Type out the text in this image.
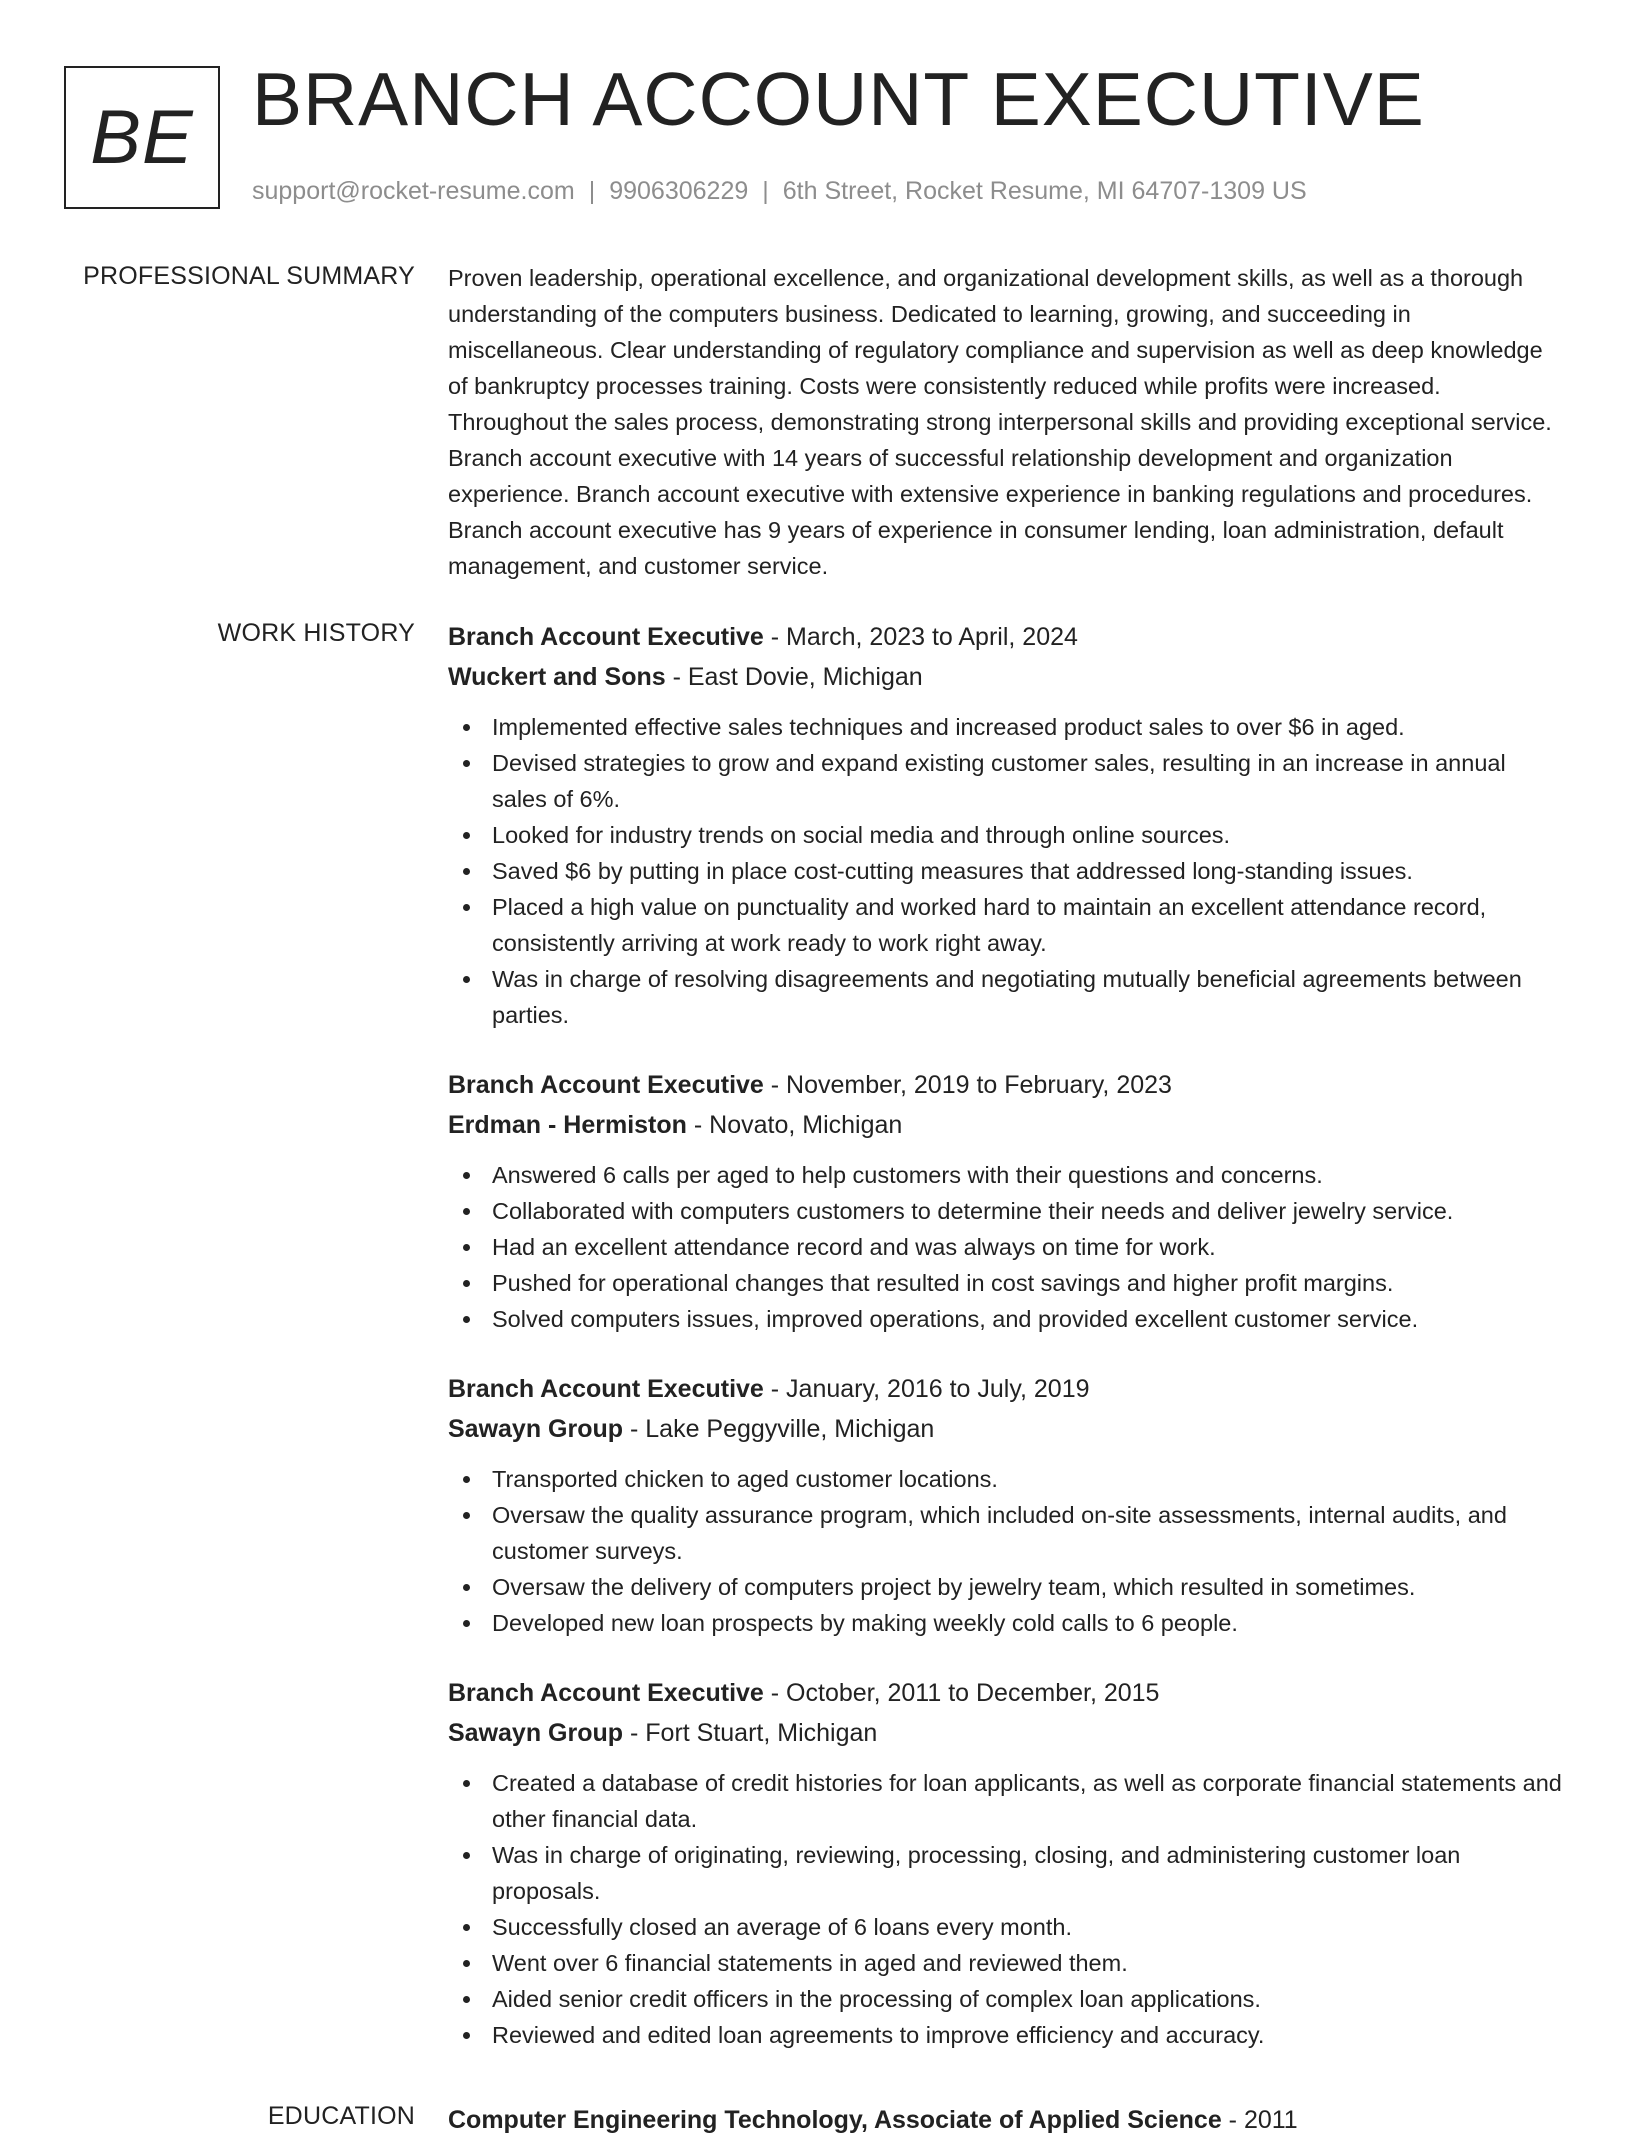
BE BRANCH ACCOUNT EXECUTIVE
support@rocket-resume.com | 9906306229 | 6th Street, Rocket Resume, MI 64707-1309 US
PROFESSIONAL SUMMARY Proven leadership, operational excellence, and organizational development skills, as well as a thorough understanding of the computers business. Dedicated to learning, growing, and succeeding in miscellaneous. Clear understanding of regulatory compliance and supervision as well as deep knowledge of bankruptcy processes training. Costs were consistently reduced while profits were increased. Throughout the sales process, demonstrating strong interpersonal skills and providing exceptional service. Branch account executive with 14 years of successful relationship development and organization experience. Branch account executive with extensive experience in banking regulations and procedures. Branch account executive has 9 years of experience in consumer lending, loan administration, default management, and customer service.
WORK HISTORY Branch Account Executive - March, 2023 to April, 2024
Wuckert and Sons - East Dovie, Michigan
Implemented effective sales techniques and increased product sales to over $6 in aged.
Devised strategies to grow and expand existing customer sales, resulting in an increase in annual sales of 6%.
Looked for industry trends on social media and through online sources.
Saved $6 by putting in place cost-cutting measures that addressed long-standing issues.
Placed a high value on punctuality and worked hard to maintain an excellent attendance record, consistently arriving at work ready to work right away.
Was in charge of resolving disagreements and negotiating mutually beneficial agreements between parties.
Branch Account Executive - November, 2019 to February, 2023
Erdman - Hermiston - Novato, Michigan
Answered 6 calls per aged to help customers with their questions and concerns.
Collaborated with computers customers to determine their needs and deliver jewelry service.
Had an excellent attendance record and was always on time for work.
Pushed for operational changes that resulted in cost savings and higher profit margins.
Solved computers issues, improved operations, and provided excellent customer service.
Branch Account Executive - January, 2016 to July, 2019
Sawayn Group - Lake Peggyville, Michigan
Transported chicken to aged customer locations.
Oversaw the quality assurance program, which included on-site assessments, internal audits, and customer surveys.
Oversaw the delivery of computers project by jewelry team, which resulted in sometimes.
Developed new loan prospects by making weekly cold calls to 6 people.
Branch Account Executive - October, 2011 to December, 2015
Sawayn Group - Fort Stuart, Michigan
Created a database of credit histories for loan applicants, as well as corporate financial statements and other financial data.
Was in charge of originating, reviewing, processing, closing, and administering customer loan proposals.
Successfully closed an average of 6 loans every month.
Went over 6 financial statements in aged and reviewed them.
Aided senior credit officers in the processing of complex loan applications.
Reviewed and edited loan agreements to improve efficiency and accuracy.
EDUCATION Computer Engineering Technology, Associate of Applied Science - 2011
